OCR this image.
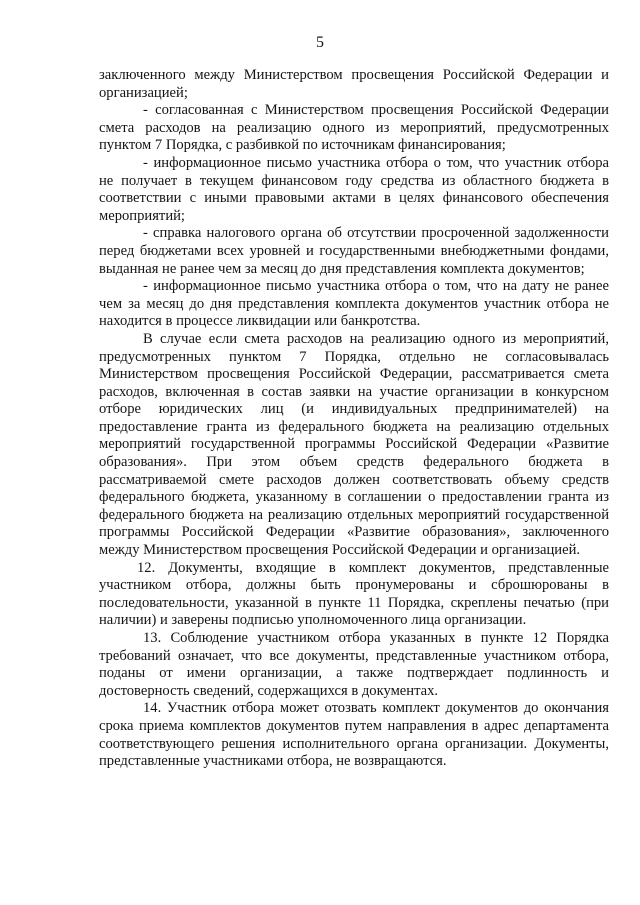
5

заключенного между Министерством просвещения Российской Федерации и организацией;

- согласованная с Министерством просвещения Российской Федерации смета расходов на реализацию одного из мероприятий, предусмотренных пунктом 7 Порядка, с разбивкой по источникам финансирования;

- информационное письмо участника отбора о том, что участник отбора не получает в текущем финансовом году средства из областного бюджета в соответствии с иными правовыми актами в целях финансового обеспечения мероприятий;

- справка налогового органа об отсутствии просроченной задолженности перед бюджетами всех уровней и государственными внебюджетными фондами, выданная не ранее чем за месяц до дня представления комплекта документов;

- информационное письмо участника отбора о том, что на дату не ранее чем за месяц до дня представления комплекта документов участник отбора не находится в процессе ликвидации или банкротства.

В случае если смета расходов на реализацию одного из мероприятий, предусмотренных пунктом 7 Порядка, отдельно не согласовывалась Министерством просвещения Российской Федерации, рассматривается смета расходов, включенная в состав заявки на участие организации в конкурсном отборе юридических лиц (и индивидуальных предпринимателей) на предоставление гранта из федерального бюджета на реализацию отдельных мероприятий государственной программы Российской Федерации «Развитие образования». При этом объем средств федерального бюджета в рассматриваемой смете расходов должен соответствовать объему средств федерального бюджета, указанному в соглашении о предоставлении гранта из федерального бюджета на реализацию отдельных мероприятий государственной программы Российской Федерации «Развитие образования», заключенного между Министерством просвещения Российской Федерации и организацией.

12. Документы, входящие в комплект документов, представленные участником отбора, должны быть пронумерованы и сброшюрованы в последовательности, указанной в пункте 11 Порядка, скреплены печатью (при наличии) и заверены подписью уполномоченного лица организации.

13. Соблюдение участником отбора указанных в пункте 12 Порядка требований означает, что все документы, представленные участником отбора, поданы от имени организации, а также подтверждает подлинность и достоверность сведений, содержащихся в документах.

14. Участник отбора может отозвать комплект документов до окончания срока приема комплектов документов путем направления в адрес департамента соответствующего решения исполнительного органа организации. Документы, представленные участниками отбора, не возвращаются.
